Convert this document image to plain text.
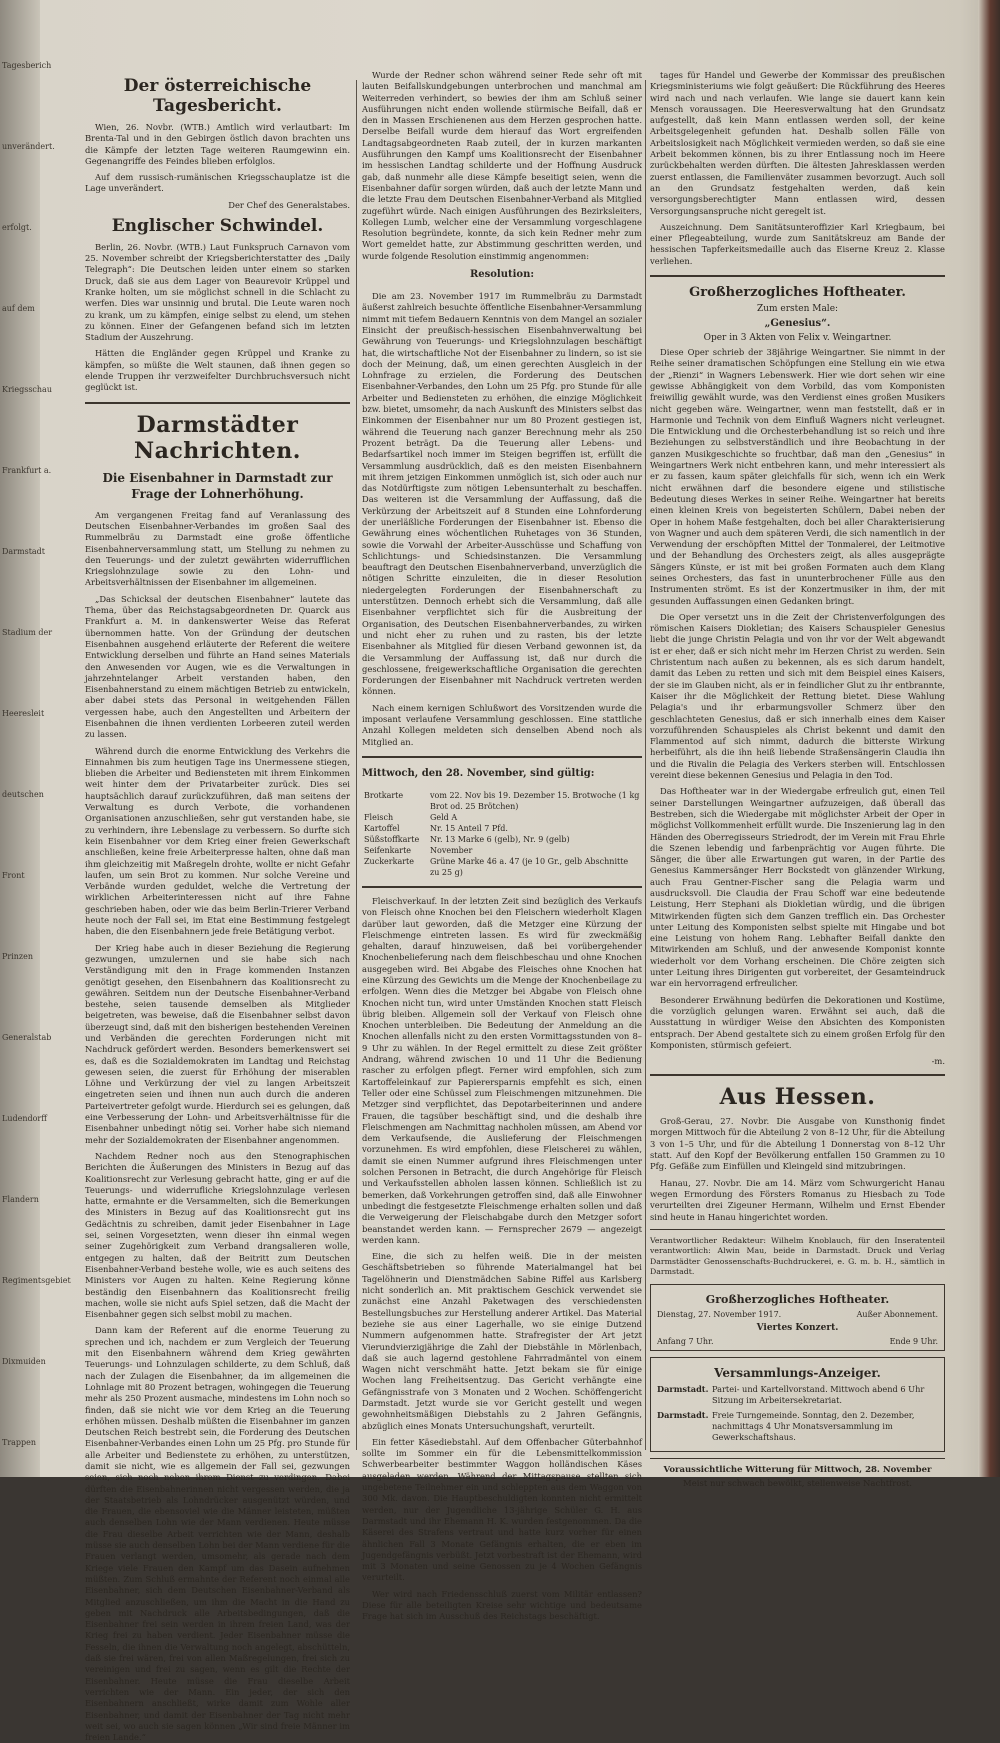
Tagesberich
unverändert.
erfolgt.
auf dem
Kriegsschau
Frankfurt a.
Darmstadt
Stadium der
Heeresleit
deutschen
Front
Prinzen
Generalstab
Ludendorff
Flandern
Regimentsgebiet
Dixmuiden
Trappen
Der österreichische Tagesbericht.

Wien, 26. Novbr. (WTB.) Amtlich wird verlautbart: Im Brenta-Tal und in den Gebirgen östlich davon brachten uns die Kämpfe der letzten Tage weiteren Raumgewinn ein. Gegenangriffe des Feindes blieben erfolglos.

Auf dem russisch-rumänischen Kriegsschauplatze ist die Lage unverändert.

Der Chef des Generalstabes.
Englischer Schwindel.

Berlin, 26. Novbr. (WTB.) Laut Funkspruch Carnavon vom 25. November schreibt der Kriegsberichterstatter des „Daily Telegraph“: Die Deutschen leiden unter einem so starken Druck, daß sie aus dem Lager von Beaurevoir Krüppel und Kranke holten, um sie möglichst schnell in die Schlacht zu werfen. Dies war unsinnig und brutal. Die Leute waren noch zu krank, um zu kämpfen, einige selbst zu elend, um stehen zu können. Einer der Gefangenen befand sich im letzten Stadium der Auszehrung.

Hätten die Engländer gegen Krüppel und Kranke zu kämpfen, so müßte die Welt staunen, daß ihnen gegen so elende Truppen ihr verzweifelter Durchbruchsversuch nicht geglückt ist.

Darmstädter Nachrichten.
Die Eisenbahner in Darmstadt zur Frage der Lohnerhöhung.

Am vergangenen Freitag fand auf Veranlassung des Deutschen Eisenbahner-Verbandes im großen Saal des Rummelbräu zu Darmstadt eine große öffentliche Eisenbahnerversammlung statt, um Stellung zu nehmen zu den Teuerungs- und der zuletzt gewährten widerrufflichen Kriegslohnzulage sowie zu den Lohn- und Arbeitsverhältnissen der Eisenbahner im allgemeinen.

„Das Schicksal der deutschen Eisenbahner“ lautete das Thema, über das Reichstagsabgeordneten Dr. Quarck aus Frankfurt a. M. in dankenswerter Weise das Referat übernommen hatte. Von der Gründung der deutschen Eisenbahnen ausgehend erläuterte der Referent die weitere Entwicklung derselben und führte an Hand seines Materials den Anwesenden vor Augen, wie es die Verwaltungen in jahrzehntelanger Arbeit verstanden haben, den Eisenbahnerstand zu einem mächtigen Betrieb zu entwickeln, aber dabei stets das Personal in weitgehenden Fällen vergessen habe, auch den Angestellten und Arbeitern der Eisenbahnen die ihnen verdienten Lorbeeren zuteil werden zu lassen.

Während durch die enorme Entwicklung des Verkehrs die Einnahmen bis zum heutigen Tage ins Unermessene stiegen, blieben die Arbeiter und Bediensteten mit ihrem Einkommen weit hinter dem der Privatarbeiter zurück. Dies sei hauptsächlich darauf zurückzuführen, daß man seitens der Verwaltung es durch Verbote, die vorhandenen Organisationen anzuschließen, sehr gut verstanden habe, sie zu verhindern, ihre Lebenslage zu verbessern. So durfte sich kein Eisenbahner vor dem Krieg einer freien Gewerkschaft anschließen, keine freie Arbeiterpresse halten, ohne daß man ihm gleichzeitig mit Maßregeln drohte, wollte er nicht Gefahr laufen, um sein Brot zu kommen. Nur solche Vereine und Verbände wurden geduldet, welche die Vertretung der wirklichen Arbeiterinteressen nicht auf ihre Fahne geschrieben haben, oder wie das beim Berlin-Trierer Verband heute noch der Fall sei, im Etat eine Bestimmung festgelegt haben, die den Eisenbahnern jede freie Betätigung verbot.

Der Krieg habe auch in dieser Beziehung die Regierung gezwungen, umzulernen und sie habe sich nach Verständigung mit den in Frage kommenden Instanzen genötigt gesehen, den Eisenbahnern das Koalitionsrecht zu gewähren. Seitdem nun der Deutsche Eisenbahner-Verband bestehe, seien tausende demselben als Mitglieder beigetreten, was beweise, daß die Eisenbahner selbst davon überzeugt sind, daß mit den bisherigen bestehenden Vereinen und Verbänden die gerechten Forderungen nicht mit Nachdruck gefördert werden. Besonders bemerkenswert sei es, daß es die Sozialdemokraten im Landtag und Reichstag gewesen seien, die zuerst für Erhöhung der miserablen Löhne und Verkürzung der viel zu langen Arbeitszeit eingetreten seien und ihnen nun auch durch die anderen Parteivertreter gefolgt wurde. Hierdurch sei es gelungen, daß eine Verbesserung der Lohn- und Arbeitsverhältnisse für die Eisenbahner unbedingt nötig sei. Vorher habe sich niemand mehr der Sozialdemokraten der Eisenbahner angenommen.

Nachdem Redner noch aus den Stenographischen Berichten die Äußerungen des Ministers in Bezug auf das Koalitionsrecht zur Verlesung gebracht hatte, ging er auf die Teuerungs- und widerrufliche Kriegslohnzulage verlesen hatte, ermahnte er die Versammelten, sich die Bemerkungen des Ministers in Bezug auf das Koalitionsrecht gut ins Gedächtnis zu schreiben, damit jeder Eisenbahner in Lage sei, seinen Vorgesetzten, wenn dieser ihn einmal wegen seiner Zugehörigkeit zum Verband drangsalieren wolle, entgegen zu halten, daß der Beitritt zum Deutschen Eisenbahner-Verband bestehe wolle, wie es auch seitens des Ministers vor Augen zu halten. Keine Regierung könne beständig den Eisenbahnern das Koalitionsrecht freilig machen, wolle sie nicht aufs Spiel setzen, daß die Macht der Eisenbahner gegen sich selbst mobil zu machen.

Dann kam der Referent auf die enorme Teuerung zu sprechen und ich, nachdem er zum Vergleich der Teuerung mit den Eisenbahnern während dem Krieg gewährten Teuerungs- und Lohnzulagen schilderte, zu dem Schluß, daß nach der Zulagen die Eisenbahner, da im allgemeinen die Lohnlage mit 80 Prozent betragen, wohingegen die Teuerung mehr als 250 Prozent ausmache, mindestens im Lohn noch so finden, daß sie nicht wie vor dem Krieg an die Teuerung erhöhen müssen. Deshalb müßten die Eisenbahner im ganzen Deutschen Reich bestrebt sein, die Forderung des Deutschen Eisenbahner-Verbandes einen Lohn um 25 Pfg. pro Stunde für alle Arbeiter und Bedienstete zu erhöhen, zu unterstützen, damit sie nicht, wie es allgemein der Fall sei, gezwungen seien, sich noch neben ihrem Dienst zu verdingen. Dabei dürften die Eisenbahnerinnen nicht vergessen werden, die ja der Staatsbetrieb als Lohndrücker ausgenützt würden, und die Frauen, die ebensoviel wie die Männer leisteten, müßten auch denselben Lohn wie der Mann verdienen. Heute müsse die Frau dieselbe Arbeit verrichten wie der Mann, deshalb müsse sie auch denselben Lohn bei der Mann verdiene für die Frauen verlangt werden, umsomehr, als gerade nach dem Kriege viele Frauen den Kampf um das Dasein aufnehmen müßten. Zum Schluß ermahnte der Referent noch einmal alle Eisenbahner, sich dem Deutschen Eisenbahner-Verband als Mitglied anzuschließen, um ihm die Macht in die Hand zu geben mit Nachdruck alle Arbeitsbedingungen, daß die Eisenbahner frei sein werden in ihrem freien Land, was der Krieg frei zu haben verdient. Jeder Eisenbahner müsse die Fesseln, die ihnen die Verwaltung noch angelegt, abschütteln, daß sie frei wären, frei von allen Maßregelungen, frei sich zu vereinigen und frei zu sagen, wenn es gilt die Rechte der Eisenbahner. Heute müsse die Frau dieselbe Arbeit verrichten wie der Mann. Ein jeder, der sich den Eisenbahnern anschließt, wirke damit zum Wohle aller Eisenbahner, und damit der Eisenbahner der Tag nicht mehr weit sei, wo auch sie sagen können „Wir sind freie Männer im freien Lande.“

Wurde der Redner schon während seiner Rede sehr oft mit lauten Beifallskundgebungen unterbrochen und manchmal am Weiterreden verhindert, so bewies der ihm am Schluß seiner Ausführungen nicht enden wollende stürmische Beifall, daß er den in Massen Erschienenen aus dem Herzen gesprochen hatte. Derselbe Beifall wurde dem hierauf das Wort ergreifenden Landtagsabgeordneten Raab zuteil, der in kurzen markanten Ausführungen den Kampf ums Koalitionsrecht der Eisenbahner im hessischen Landtag schilderte und der Hoffnung Ausdruck gab, daß nunmehr alle diese Kämpfe beseitigt seien, wenn die Eisenbahner dafür sorgen würden, daß auch der letzte Mann und die letzte Frau dem Deutschen Eisenbahner-Verband als Mitglied zugeführt würde. Nach einigen Ausführungen des Bezirksleiters, Kollegen Lumb, welcher eine der Versammlung vorgeschlagene Resolution begründete, konnte, da sich kein Redner mehr zum Wort gemeldet hatte, zur Abstimmung geschritten werden, und wurde folgende Resolution einstimmig angenommen:

Resolution:

Die am 23. November 1917 im Rummelbräu zu Darmstadt äußerst zahlreich besuchte öffentliche Eisenbahner-Versammlung nimmt mit tiefem Bedauern Kenntnis von dem Mangel an sozialer Einsicht der preußisch-hessischen Eisenbahnverwaltung bei Gewährung von Teuerungs- und Kriegslohnzulagen beschäftigt hat, die wirtschaftliche Not der Eisenbahner zu lindern, so ist sie doch der Meinung, daß, um einen gerechten Ausgleich in der Lohnfrage zu erzielen, die Forderung des Deutschen Eisenbahner-Verbandes, den Lohn um 25 Pfg. pro Stunde für alle Arbeiter und Bediensteten zu erhöhen, die einzige Möglichkeit bzw. bietet, umsomehr, da nach Auskunft des Ministers selbst das Einkommen der Eisenbahner nur um 80 Prozent gestiegen ist, während die Teuerung nach ganzer Berechnung mehr als 250 Prozent beträgt. Da die Teuerung aller Lebens- und Bedarfsartikel noch immer im Steigen begriffen ist, erfüllt die Versammlung ausdrücklich, daß es den meisten Eisenbahnern mit ihrem jetzigen Einkommen unmöglich ist, sich oder auch nur das Notdürftigste zum nötigen Lebensunterhalt zu beschaffen. Das weiteren ist die Versammlung der Auffassung, daß die Verkürzung der Arbeitszeit auf 8 Stunden eine Lohnforderung der unerläßliche Forderungen der Eisenbahner ist. Ebenso die Gewährung eines wöchentlichen Ruhetages von 36 Stunden, sowie die Vorwahl der Arbeiter-Ausschüsse und Schaffung von Schlichtungs- und Schiedsinstanzen. Die Versammlung beauftragt den Deutschen Eisenbahnerverband, unverzüglich die nötigen Schritte einzuleiten, die in dieser Resolution niedergelegten Forderungen der Eisenbahnerschaft zu unterstützen. Dennoch erhebt sich die Versammlung, daß alle Eisenbahner verpflichtet sich für die Ausbreitung der Organisation, des Deutschen Eisenbahnerverbandes, zu wirken und nicht eher zu ruhen und zu rasten, bis der letzte Eisenbahner als Mitglied für diesen Verband gewonnen ist, da die Versammlung der Auffassung ist, daß nur durch die geschlossene, freigewerkschaftliche Organisation die gerechten Forderungen der Eisenbahner mit Nachdruck vertreten werden können.

Nach einem kernigen Schlußwort des Vorsitzenden wurde die imposant verlaufene Versammlung geschlossen. Eine stattliche Anzahl Kollegen meldeten sich denselben Abend noch als Mitglied an.

Mittwoch, den 28. November, sind gültig:
Brotkarte	vom 22. Nov bis 19. Dezember 15. Brotwoche (1 kg Brot od. 25 Brötchen)
Fleisch	Geld A
Kartoffel	Nr. 15 Anteil 7 Pfd.
Süßstoffkarte	Nr. 13 Marke 6 (gelb), Nr. 9 (gelb)
Seifenkarte	November
Zuckerkarte	Grüne Marke 46 a. 47 (je 10 Gr., gelb Abschnitte zu 25 g)

Fleischverkauf. In der letzten Zeit sind bezüglich des Verkaufs von Fleisch ohne Knochen bei den Fleischern wiederholt Klagen darüber laut geworden, daß die Metzger eine Kürzung der Fleischmenge eintreten lassen. Es wird für zweckmäßig gehalten, darauf hinzuweisen, daß bei vorübergehender Knochenbelieferung nach dem fleischbeschau und ohne Knochen ausgegeben wird. Bei Abgabe des Fleisches ohne Knochen hat eine Kürzung des Gewichts um die Menge der Knochenbeilage zu erfolgen. Wenn dies die Metzger bei Abgabe von Fleisch ohne Knochen nicht tun, wird unter Umständen Knochen statt Fleisch übrig bleiben. Allgemein soll der Verkauf von Fleisch ohne Knochen unterbleiben. Die Bedeutung der Anmeldung an die Knochen allenfalls nicht zu den ersten Vormittagsstunden von 8–9 Uhr zu wählen. In der Regel ermittelt zu diese Zeit größter Andrang, während zwischen 10 und 11 Uhr die Bedienung rascher zu erfolgen pflegt. Ferner wird empfohlen, sich zum Kartoffeleinkauf zur Papierersparnis empfehlt es sich, einen Teller oder eine Schüssel zum Fleischmengen mitzunehmen. Die Metzger sind verpflichtet, das Depotarbeiterinnen und andere Frauen, die tagsüber beschäftigt sind, und die deshalb ihre Fleischmengen am Nachmittag nachholen müssen, am Abend vor dem Verkaufsende, die Auslieferung der Fleischmengen vorzunehmen. Es wird empfohlen, diese Fleischerei zu wählen, damit sie einen Nummer aufgrund ihres Fleischmengen unter solchen Personen in Betracht, die durch Angehörige für Fleisch und Verkaufsstellen abholen lassen können. Schließlich ist zu bemerken, daß Vorkehrungen getroffen sind, daß alle Einwohner unbedingt die festgesetzte Fleischmenge erhalten sollen und daß die Verweigerung der Fleischabgabe durch den Metzger sofort beanstandet werden kann. — Fernsprecher 2679 — angezeigt werden kann.

Eine, die sich zu helfen weiß. Die in der meisten Geschäftsbetrieben so führende Materialmangel hat bei Tagelöhnerin und Dienstmädchen Sabine Riffel aus Karlsberg nicht sonderlich an. Mit praktischem Geschick verwendet sie zunächst eine Anzahl Paketwagen des verschiedensten Bestellungsbuches zur Herstellung anderer Artikel. Das Material beziehe sie aus einer Lagerhalle, wo sie einige Dutzend Nummern aufgenommen hatte. Strafregister der Art jetzt Vierundvierzigjährige die Zahl der Diebstähle in Mörlenbach, daß sie auch lagernd gestohlene Fahrradmäntel von einem Wagen nicht verschmäht hatte. Jetzt bekam sie für einige Wochen lang Freiheitsentzug. Das Gericht verhängte eine Gefängnisstrafe von 3 Monaten und 2 Wochen. Schöffengericht Darmstadt. Jetzt wurde sie vor Gericht gestellt und wegen gewohnheitsmäßigen Diebstahls zu 2 Jahren Gefängnis, abzüglich eines Monats Untersuchungshaft, verurteilt.

Ein fetter Käsediebstahl. Auf dem Offenbacher Güterbahnhof sollte im Sommer ein für die Lebensmittelkommission Schwerbearbeiter bestimmter Waggon holländischen Käses ausgeladen werden. Während der Mittagspause stellten sich ungebetene Teilnehmer ein und schleppten aus dem Waggon von 300 Mk. davon. Die Hauptbeschuldigten konnten nicht ermittelt werden, nur der Jugendliche 13-jährige Schüler G. H. aus Darmstadt und ihr Ehemann H. K. wurden festgenommen. Da die Käserei des Strafens vertraut und hatte kurz vorher für einen ähnlichen Fall 3 Monate Gefängnis erhalten, die er eben im Jugendgefängnis verbüßt. Jetzt vorbestraft ist der Ehemann, wird mit 3 Monaten und seine Genossen zu je 4 Wochen Gefängnis verurteilt.

Wer wird nach Friedensschluß zuerst vom Militär entlassen? Diese für alle beteiligten Kreise sehr wichtige und bedeutsame Frage hat sich im Ausschuß des Reichstags beschäftigt.

tages für Handel und Gewerbe der Kommissar des preußischen Kriegsministeriums wie folgt geäußert: Die Rückführung des Heeres wird nach und nach verlaufen. Wie lange sie dauert kann kein Mensch voraussagen. Die Heeresverwaltung hat den Grundsatz aufgestellt, daß kein Mann entlassen werden soll, der keine Arbeitsgelegenheit gefunden hat. Deshalb sollen Fälle von Arbeitslosigkeit nach Möglichkeit vermieden werden, so daß sie eine Arbeit bekommen können, bis zu ihrer Entlassung noch im Heere zurückbehalten werden dürften. Die ältesten Jahresklassen werden zuerst entlassen, die Familienväter zusammen bevorzugt. Auch soll an den Grundsatz festgehalten werden, daß kein versorgungsberechtigter Mann entlassen wird, dessen Versorgungsanspruche nicht geregelt ist.

Auszeichnung. Dem Sanitätsunteroffizier Karl Kriegbaum, bei einer Pflegeabteilung, wurde zum Sanitätskreuz am Bande der hessischen Tapferkeitsmedaille auch das Eiserne Kreuz 2. Klasse verliehen.

Großherzogliches Hoftheater.
Zum ersten Male:
„Genesius“.
Oper in 3 Akten von Felix v. Weingartner.

Diese Oper schrieb der 38jährige Weingartner. Sie nimmt in der Reihe seiner dramatischen Schöpfungen eine Stellung ein wie etwa der „Rienzi“ in Wagners Lebenswerk. Hier wie dort sehen wir eine gewisse Abhängigkeit von dem Vorbild, das vom Komponisten freiwillig gewählt wurde, was den Verdienst eines großen Musikers nicht gegeben wäre. Weingartner, wenn man feststellt, daß er in Harmonie und Technik von dem Einfluß Wagners nicht verleugnet. Die Entwicklung und die Orchesterbehandlung ist so reich und ihre Beziehungen zu selbstverständlich und ihre Beobachtung in der ganzen Musikgeschichte so fruchtbar, daß man den „Genesius“ in Weingartners Werk nicht entbehren kann, und mehr interessiert als er zu fassen, kaum später gleichfalls für sich, wenn ich ein Werk nicht erwähnen darf die besondere eigene und stilistische Bedeutung dieses Werkes in seiner Reihe. Weingartner hat bereits einen kleinen Kreis von begeisterten Schülern, Dabei neben der Oper in hohem Maße festgehalten, doch bei aller Charakterisierung von Wagner und auch dem späteren Verdi, die sich namentlich in der Verwendung der erschöpften Mittel der Tonmalerei, der Leitmotive und der Behandlung des Orchesters zeigt, als alles ausgeprägte Sängers Künste, er ist mit bei großen Formaten auch dem Klang seines Orchesters, das fast in ununterbrochener Fülle aus den Instrumenten strömt. Es ist der Konzertmusiker in ihm, der mit gesunden Auffassungen einen Gedanken bringt.

Die Oper versetzt uns in die Zeit der Christenverfolgungen des römischen Kaisers Diokletian; des Kaisers Schauspieler Genesius liebt die junge Christin Pelagia und von ihr vor der Welt abgewandt ist er eher, daß er sich nicht mehr im Herzen Christ zu werden. Sein Christentum nach außen zu bekennen, als es sich darum handelt, damit das Leben zu retten und sich mit dem Beispiel eines Kaisers, der sie im Glauben nicht, als er in feindlicher Glut zu ihr entbrannte, Kaiser ihr die Möglichkeit der Rettung bietet. Diese Wahlung Pelagia's und ihr erbarmungsvoller Schmerz über den geschlachteten Genesius, daß er sich innerhalb eines dem Kaiser vorzuführenden Schauspieles als Christ bekennt und damit den Flammentod auf sich nimmt, dadurch die bitterste Wirkung herbeiführt, als die ihn heiß liebende Straßensängerin Claudia ihn und die Rivalin die Pelagia des Verkers sterben will. Entschlossen vereint diese bekennen Genesius und Pelagia in den Tod.

Das Hoftheater war in der Wiedergabe erfreulich gut, einen Teil seiner Darstellungen Weingartner aufzuzeigen, daß überall das Bestreben, sich die Wiedergabe mit möglichster Arbeit der Oper in möglichst Vollkommenheit erfüllt wurde. Die Inszenierung lag in den Händen des Oberregisseurs Striedrodt, der im Verein mit Frau Ehrle die Szenen lebendig und farbenprächtig vor Augen führte. Die Sänger, die über alle Erwartungen gut waren, in der Partie des Genesius Kammersänger Herr Bockstedt von glänzender Wirkung, auch Frau Gentner-Fischer sang die Pelagia warm und ausdrucksvoll. Die Claudia der Frau Schoff war eine bedeutende Leistung, Herr Stephani als Diokletian würdig, und die übrigen Mitwirkenden fügten sich dem Ganzen trefflich ein. Das Orchester unter Leitung des Komponisten selbst spielte mit Hingabe und bot eine Leistung von hohem Rang. Lebhafter Beifall dankte den Mitwirkenden am Schluß, und der anwesende Komponist konnte wiederholt vor dem Vorhang erscheinen. Die Chöre zeigten sich unter Leitung ihres Dirigenten gut vorbereitet, der Gesamteindruck war ein hervorragend erfreulicher.

Besonderer Erwähnung bedürfen die Dekorationen und Kostüme, die vorzüglich gelungen waren. Erwähnt sei auch, daß die Ausstattung in würdiger Weise den Absichten des Komponisten entsprach. Der Abend gestaltete sich zu einem großen Erfolg für den Komponisten, stürmisch gefeiert.

-m.
Aus Hessen.

Groß-Gerau, 27. Novbr. Die Ausgabe von Kunsthonig findet morgen Mittwoch für die Abteilung 2 von 8–12 Uhr, für die Abteilung 3 von 1–5 Uhr, und für die Abteilung 1 Donnerstag von 8–12 Uhr statt. Auf den Kopf der Bevölkerung entfallen 150 Grammen zu 10 Pfg. Gefäße zum Einfüllen und Kleingeld sind mitzubringen.

Hanau, 27. Novbr. Die am 14. März vom Schwurgericht Hanau wegen Ermordung des Försters Romanus zu Hiesbach zu Tode verurteilten drei Zigeuner Hermann, Wilhelm und Ernst Ebender sind heute in Hanau hingerichtet worden.

Verantwortlicher Redakteur: Wilhelm Knoblauch, für den Inseratenteil verantwortlich: Alwin Mau, beide in Darmstadt. Druck und Verlag Darmstädter Genossenschafts-Buchdruckerei, e. G. m. b. H., sämtlich in Darmstadt.

Großherzogliches Hoftheater.
Dienstag, 27. November 1917.	Außer Abonnement.
Viertes Konzert.
Anfang 7 Uhr.	Ende 9 Uhr.
Versammlungs-Anzeiger.
Darmstadt. Partei- und Kartellvorstand. Mittwoch abend 6 Uhr Sitzung im Arbeitersekretariat.
Darmstadt. Freie Turngemeinde. Sonntag, den 2. Dezember, nachmittags 4 Uhr Monatsversammlung im Gewerkschaftshaus.
Voraussichtliche Witterung für Mittwoch, 28. November
Meist nur schwach bewölkt, stellenweise Nachtfrost.
